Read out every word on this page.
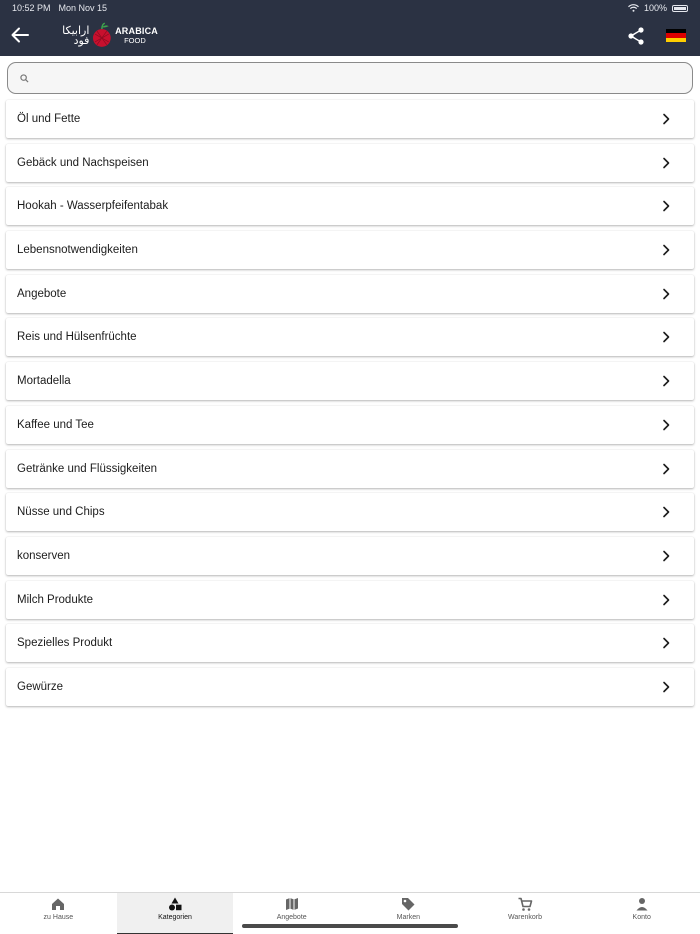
10:52 PM Mon Nov 15	100%
ارابيكا
فود
ARABICA
FOOD
Öl und Fette
Gebäck und Nachspeisen
Hookah - Wasserpfeifentabak
Lebensnotwendigkeiten
Angebote
Reis und Hülsenfrüchte
Mortadella
Kaffee und Tee
Getränke und Flüssigkeiten
Nüsse und Chips
konserven
Milch Produkte
Spezielles Produkt
Gewürze
zu Hause	Kategorien	Angebote	Marken	Warenkorb	Konto
